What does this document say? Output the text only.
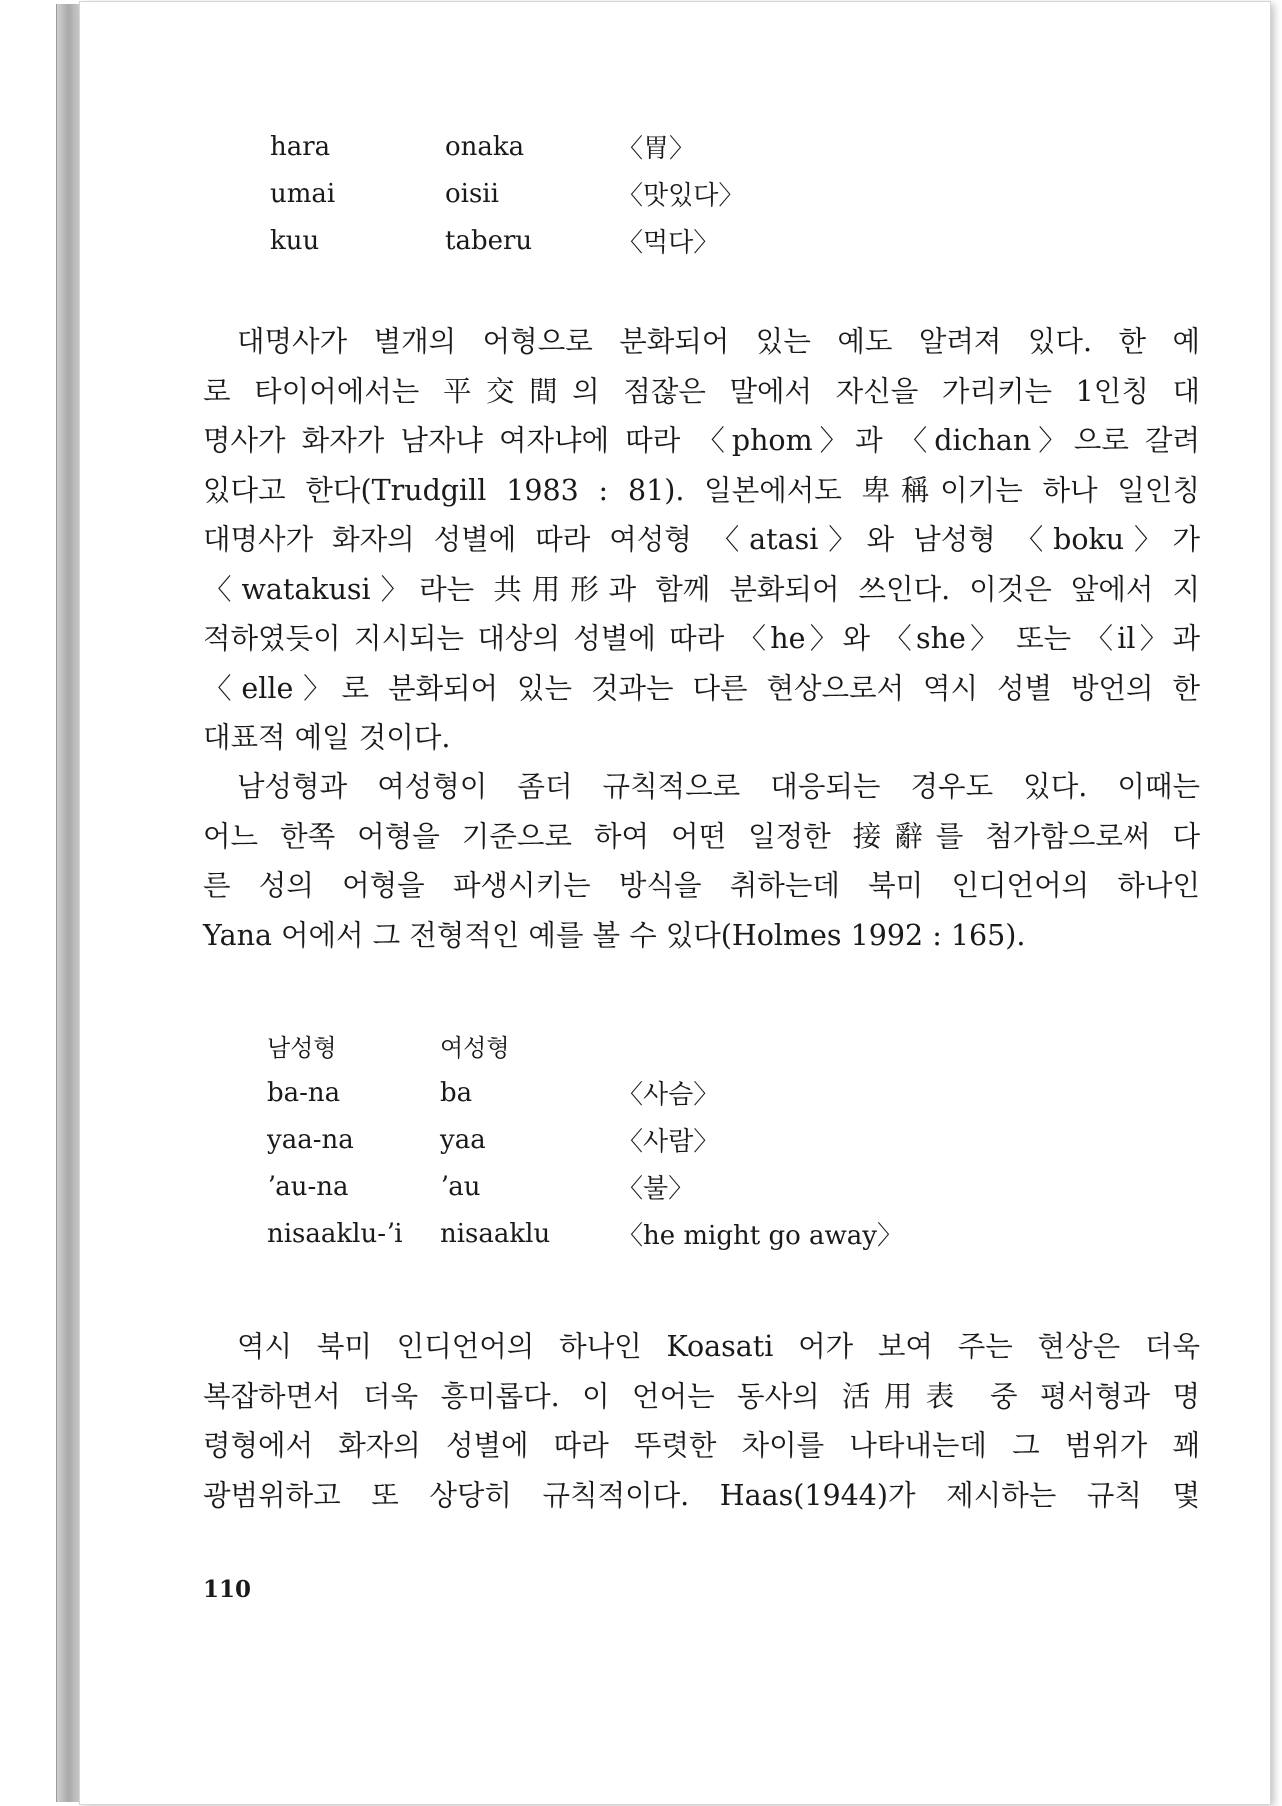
hara	onaka	〈胃〉
umai	oisii	〈맛있다〉
kuu	taberu	〈먹다〉
대명사가 별개의 어형으로 분화되어 있는 예도 알려져 있다. 한 예
로 타이어에서는 平交間의 점잖은 말에서 자신을 가리키는 1인칭 대
명사가 화자가 남자냐 여자냐에 따라 〈phom〉과 〈dichan〉으로 갈려
있다고 한다(Trudgill 1983 : 81). 일본에서도 卑稱이기는 하나 일인칭
대명사가 화자의 성별에 따라 여성형 〈atasi〉와 남성형 〈boku〉가
〈watakusi〉라는 共用形과 함께 분화되어 쓰인다. 이것은 앞에서 지
적하였듯이 지시되는 대상의 성별에 따라 〈he〉와 〈she〉 또는 〈il〉과
〈elle〉로 분화되어 있는 것과는 다른 현상으로서 역시 성별 방언의 한
대표적 예일 것이다.
남성형과 여성형이 좀더 규칙적으로 대응되는 경우도 있다. 이때는
어느 한쪽 어형을 기준으로 하여 어떤 일정한 接辭를 첨가함으로써 다
른 성의 어형을 파생시키는 방식을 취하는데 북미 인디언어의 하나인
Yana 어에서 그 전형적인 예를 볼 수 있다(Holmes 1992 : 165).
남성형	여성형
ba-na	ba	〈사슴〉
yaa-na	yaa	〈사람〉
ʼau-na	ʼau	〈불〉
nisaaklu-ʼi	nisaaklu	〈he might go away〉
역시 북미 인디언어의 하나인 Koasati 어가 보여 주는 현상은 더욱
복잡하면서 더욱 흥미롭다. 이 언어는 동사의 活用表 중 평서형과 명
령형에서 화자의 성별에 따라 뚜렷한 차이를 나타내는데 그 범위가 꽤
광범위하고 또 상당히 규칙적이다. Haas(1944)가 제시하는 규칙 몇
110
